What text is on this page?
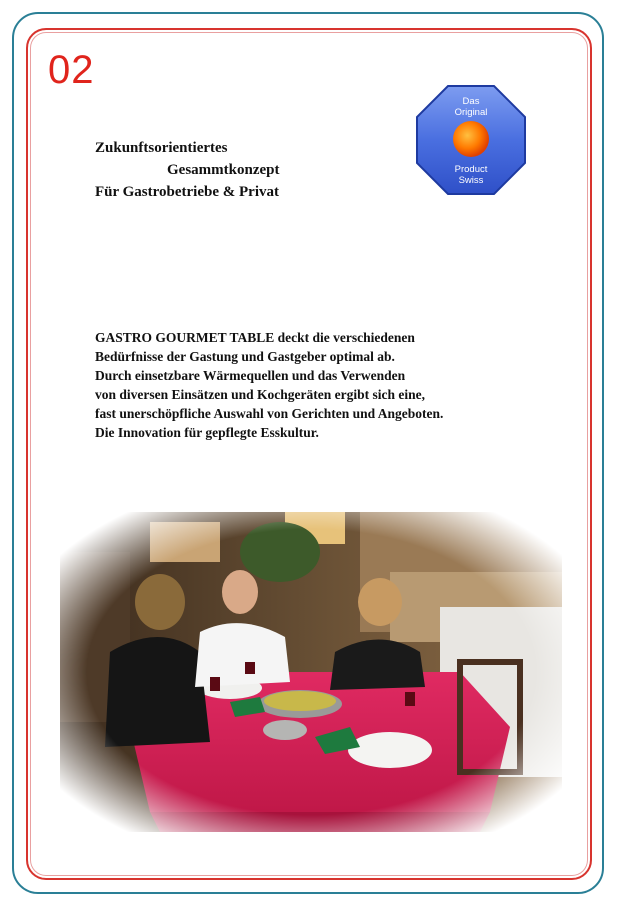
02
Zukunftsorientiertes
Gesammtkonzept
Für Gastrobetriebe & Privat
Das
Original
Product
Swiss
GASTRO GOURMET TABLE deckt die verschiedenen
Bedürfnisse der Gastung und Gastgeber optimal ab.
Durch einsetzbare Wärmequellen und das Verwenden
von diversen Einsätzen und Kochgeräten ergibt sich eine,
fast unerschöpfliche Auswahl von Gerichten und Angeboten.
Die Innovation für gepflegte Esskultur.
